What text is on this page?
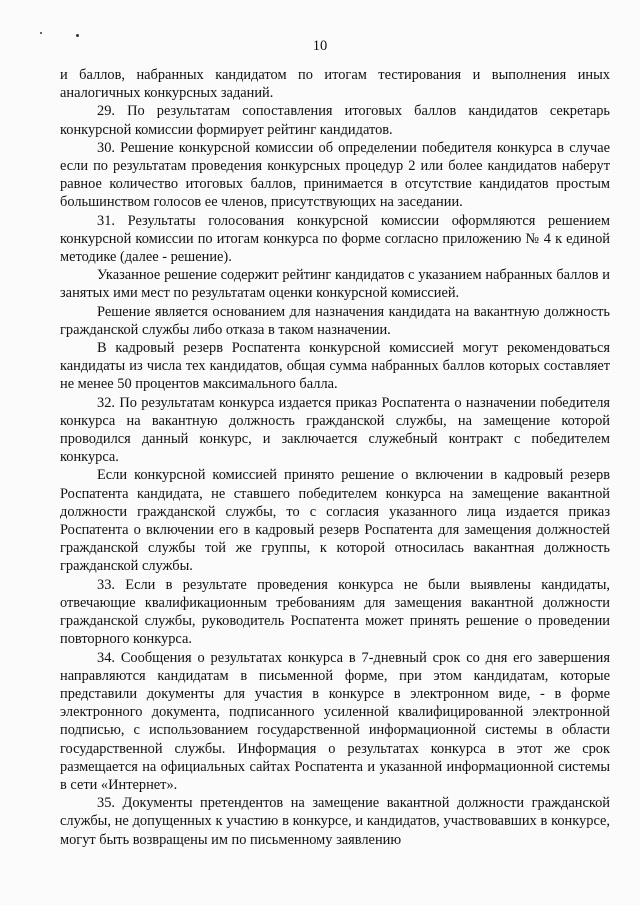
10

и баллов, набранных кандидатом по итогам тестирования и выполнения иных аналогичных конкурсных заданий.

29. По результатам сопоставления итоговых баллов кандидатов секретарь конкурсной комиссии формирует рейтинг кандидатов.

30. Решение конкурсной комиссии об определении победителя конкурса в случае если по результатам проведения конкурсных процедур 2 или более кандидатов наберут равное количество итоговых баллов, принимается в отсутствие кандидатов простым большинством голосов ее членов, присутствующих на заседании.

31. Результаты голосования конкурсной комиссии оформляются решением конкурсной комиссии по итогам конкурса по форме согласно приложению № 4 к единой методике (далее - решение).

Указанное решение содержит рейтинг кандидатов с указанием набранных баллов и занятых ими мест по результатам оценки конкурсной комиссией.

Решение является основанием для назначения кандидата на вакантную должность гражданской службы либо отказа в таком назначении.

В кадровый резерв Роспатента конкурсной комиссией могут рекомендоваться кандидаты из числа тех кандидатов, общая сумма набранных баллов которых составляет не менее 50 процентов максимального балла.

32. По результатам конкурса издается приказ Роспатента о назначении победителя конкурса на вакантную должность гражданской службы, на замещение которой проводился данный конкурс, и заключается служебный контракт с победителем конкурса.

Если конкурсной комиссией принято решение о включении в кадровый резерв Роспатента кандидата, не ставшего победителем конкурса на замещение вакантной должности гражданской службы, то с согласия указанного лица издается приказ Роспатента о включении его в кадровый резерв Роспатента для замещения должностей гражданской службы той же группы, к которой относилась вакантная должность гражданской службы.

33. Если в результате проведения конкурса не были выявлены кандидаты, отвечающие квалификационным требованиям для замещения вакантной должности гражданской службы, руководитель Роспатента может принять решение о проведении повторного конкурса.

34. Сообщения о результатах конкурса в 7-дневный срок со дня его завершения направляются кандидатам в письменной форме, при этом кандидатам, которые представили документы для участия в конкурсе в электронном виде, - в форме электронного документа, подписанного усиленной квалифицированной электронной подписью, с использованием государственной информационной системы в области государственной службы. Информация о результатах конкурса в этот же срок размещается на официальных сайтах Роспатента и указанной информационной системы в сети «Интернет».

35. Документы претендентов на замещение вакантной должности гражданской службы, не допущенных к участию в конкурсе, и кандидатов, участвовавших в конкурсе, могут быть возвращены им по письменному заявлению
